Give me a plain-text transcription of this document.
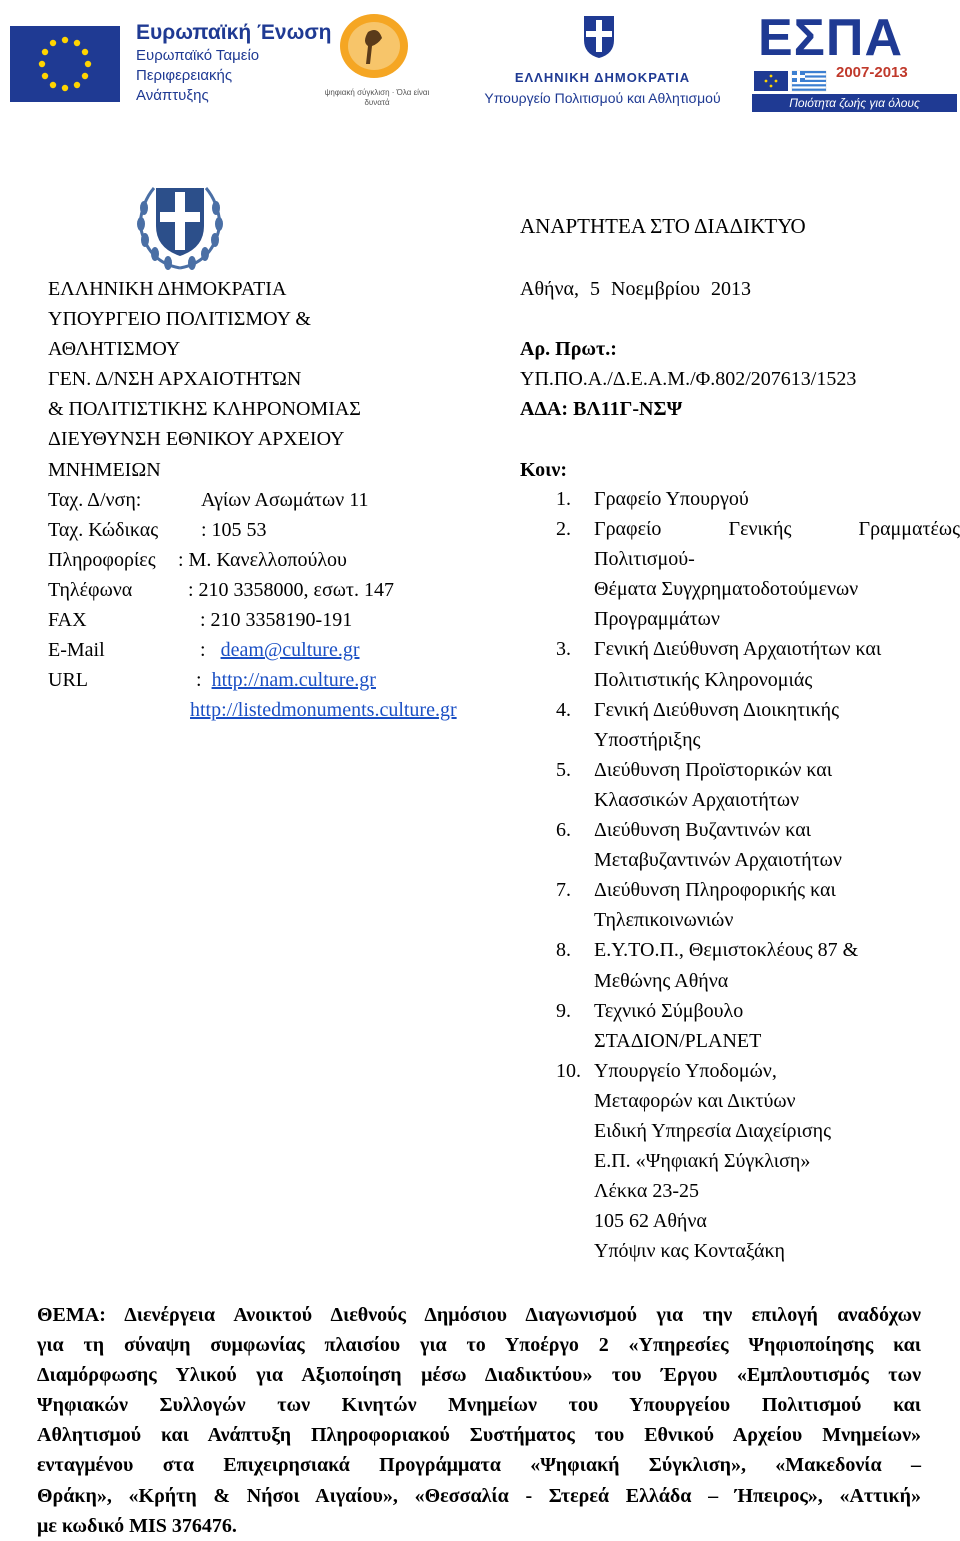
Ευρωπαϊκή Ένωση
Ευρωπαϊκό Ταμείο
Περιφερειακής
Ανάπτυξης	ψηφιακή σύγκλιση · Όλα είναι δυνατά
ΕΛΛΗΝΙΚΗ ΔΗΜΟΚΡΑΤΙΑ
Υπουργείο Πολιτισμού και Αθλητισμού
ΕΣΠΑ
2007-2013
Ποιότητα ζωής για όλους
ΑΝΑΡΤΗΤΕΑ ΣΤΟ ΔΙΑΔΙΚΤΥΟ
ΕΛΛΗΝΙΚΗ ΔΗΜΟΚΡΑΤΙΑ
ΥΠΟΥΡΓΕΙΟ ΠΟΛΙΤΙΣΜΟΥ &
ΑΘΛΗΤΙΣΜΟΥ
ΓΕΝ. Δ/ΝΣΗ ΑΡΧΑΙΟΤΗΤΩΝ
& ΠΟΛΙΤΙΣΤΙΚΗΣ ΚΛΗΡΟΝΟΜΙΑΣ
ΔΙΕΥΘΥΝΣΗ ΕΘΝΙΚΟΥ ΑΡΧΕΙΟΥ
ΜΝΗΜΕΙΩΝ
Ταχ. Δ/νση:	Αγίων Ασωμάτων 11
Ταχ. Κώδικας : 105 53
Πληροφορίες : Μ. Κανελλοπούλου
Τηλέφωνα	: 210 3358000, εσωτ. 147
FAX	: 210 3358190-191
E-Mail	: deam@culture.gr
URL	: http://nam.culture.gr
http://listedmonuments.culture.gr
Αθήνα, 5 Νοεμβρίου 2013
Αρ. Πρωτ.:
ΥΠ.ΠΟ.Α./Δ.Ε.Α.Μ./Φ.802/207613/1523
ΑΔΑ: ΒΛ11Γ-ΝΣΨ
Κοιν:
1. Γραφείο Υπουργού
2. Γραφείο	Γενικής	Γραμματέως
Πολιτισμού-
Θέματα Συγχρηματοδοτούμενων
Προγραμμάτων
3. Γενική Διεύθυνση Αρχαιοτήτων και
Πολιτιστικής Κληρονομιάς
4. Γενική Διεύθυνση Διοικητικής
Υποστήριξης
5. Διεύθυνση Προϊστορικών και
Κλασσικών Αρχαιοτήτων
6. Διεύθυνση Βυζαντινών και
Μεταβυζαντινών Αρχαιοτήτων
7. Διεύθυνση Πληροφορικής και
Τηλεπικοινωνιών
8. Ε.Υ.ΤΟ.Π., Θεμιστοκλέους 87 &
Μεθώνης Αθήνα
9. Τεχνικό Σύμβουλο
ΣΤΑΔΙΟΝ/PLANET
10. Υπουργείο Υποδομών,
Μεταφορών και Δικτύων
Ειδική Υπηρεσία Διαχείρισης
Ε.Π. «Ψηφιακή Σύγκλιση»
Λέκκα 23-25
105 62 Αθήνα
Υπόψιν κας Κονταξάκη
ΘΕΜΑ: Διενέργεια Ανοικτού Διεθνούς Δημόσιου Διαγωνισμού για την επιλογή αναδόχων
για τη σύναψη συμφωνίας πλαισίου για το Υποέργο 2 «Υπηρεσίες Ψηφιοποίησης και
Διαμόρφωσης Υλικού για Αξιοποίηση μέσω Διαδικτύου» του Έργου «Εμπλουτισμός των
Ψηφιακών Συλλογών των Κινητών Μνημείων του Υπουργείου Πολιτισμού και
Αθλητισμού και Ανάπτυξη Πληροφοριακού Συστήματος του Εθνικού Αρχείου Μνημείων»
ενταγμένου στα Επιχειρησιακά Προγράμματα «Ψηφιακή Σύγκλιση», «Μακεδονία –
Θράκη», «Κρήτη & Νήσοι Αιγαίου», «Θεσσαλία - Στερεά Ελλάδα – Ήπειρος», «Αττική»
με κωδικό MIS 376476.
